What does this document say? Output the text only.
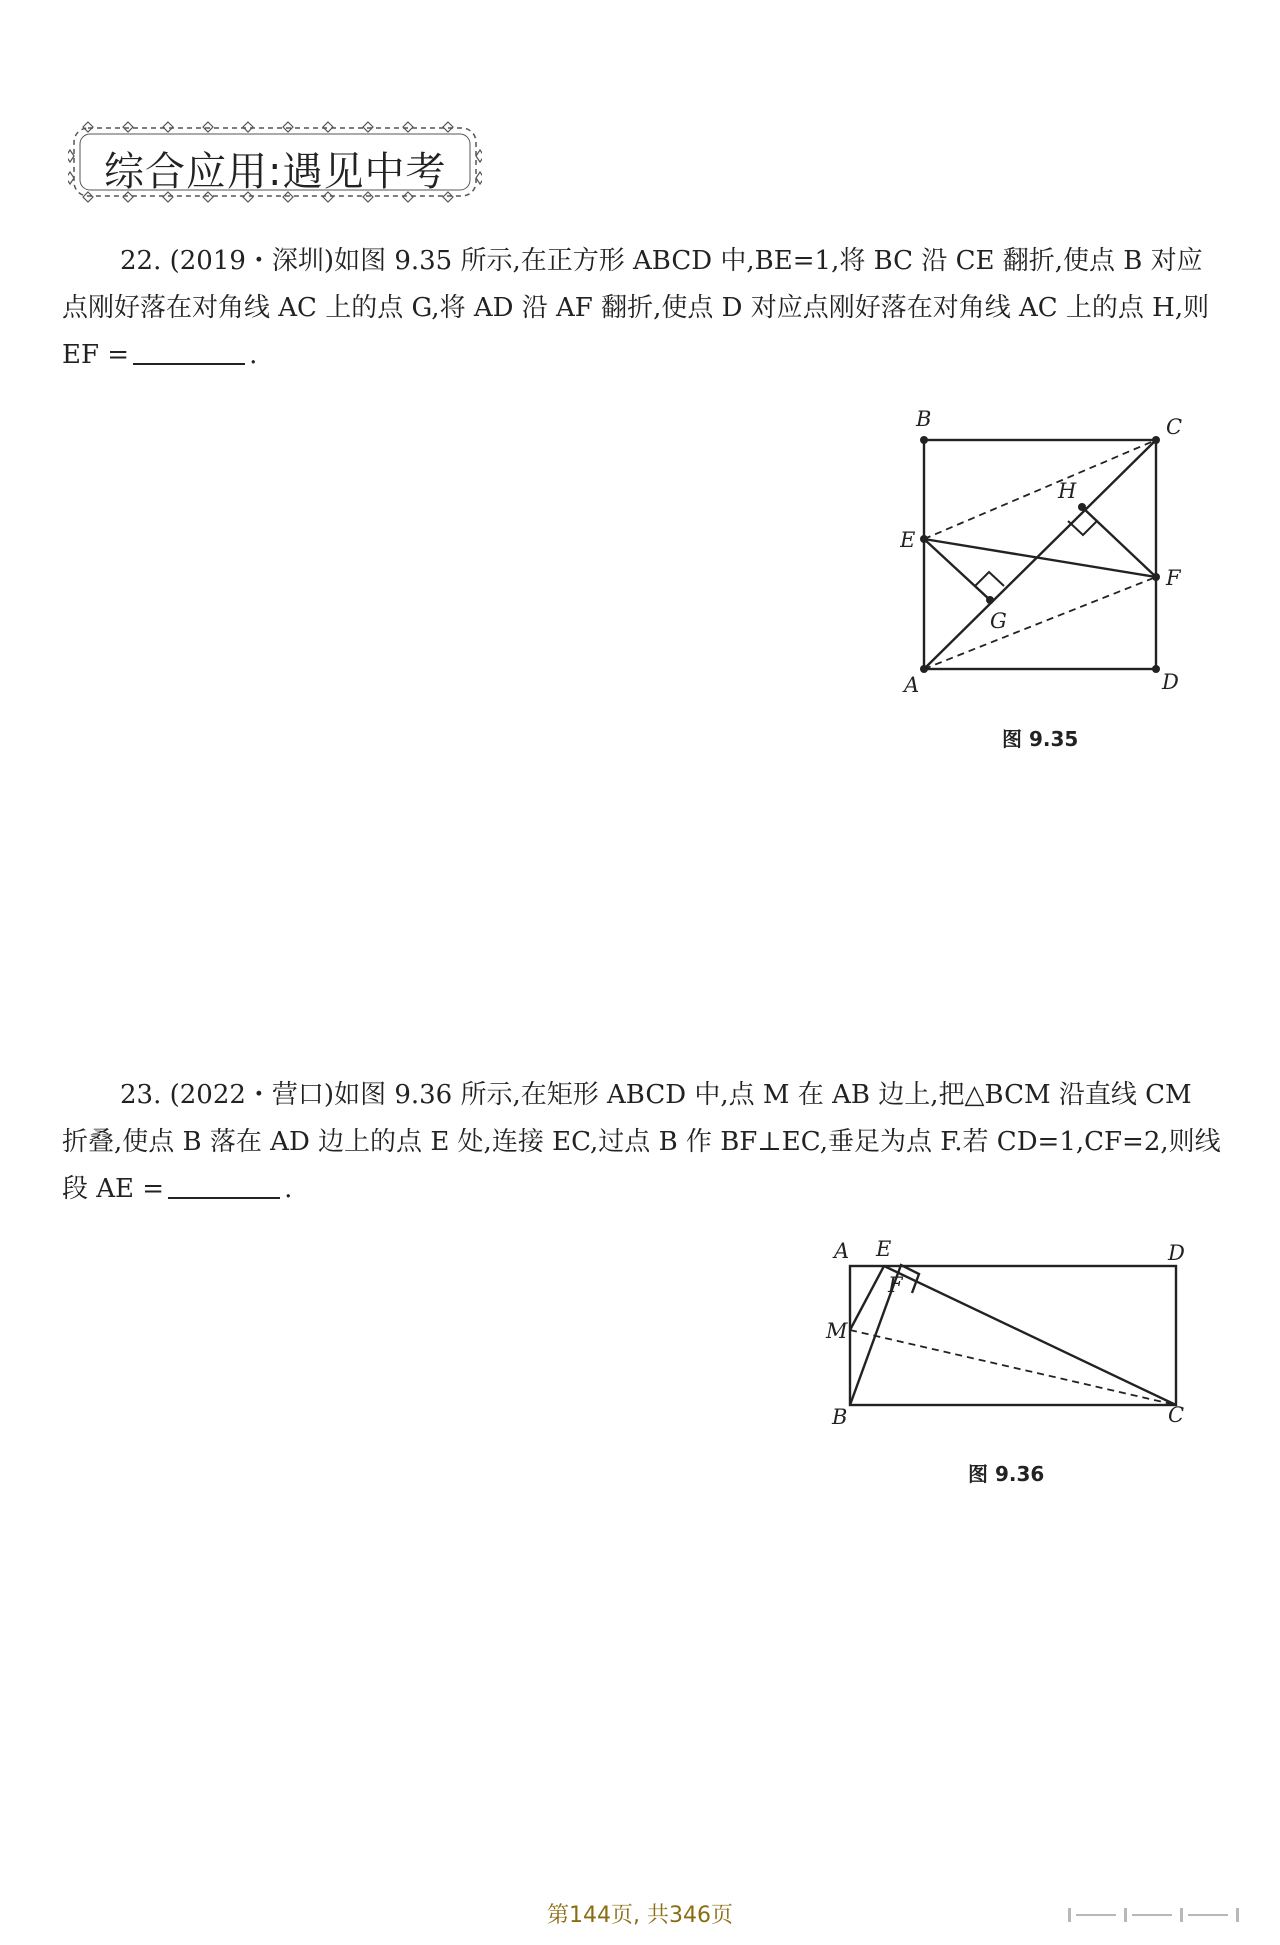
综合应用:遇见中考
22. (2019・深圳)如图 9.35 所示,在正方形 ABCD 中,BE=1,将 BC 沿 CE 翻折,使点 B 对应点刚好落在对角线 AC 上的点 G,将 AD 沿 AF 翻折,使点 D 对应点刚好落在对角线 AC 上的点 H,则 EF =	.
B	C
D
A
E
F
G
H
图 9.35
23. (2022・营口)如图 9.36 所示,在矩形 ABCD 中,点 M 在 AB 边上,把△BCM 沿直线 CM 折叠,使点 B 落在 AD 边上的点 E 处,连接 EC,过点 B 作 BF⊥EC,垂足为点 F.若 CD=1,CF=2,则线段 AE =	.
A E	D
M
F
B	C
图 9.36
第144页, 共346页
